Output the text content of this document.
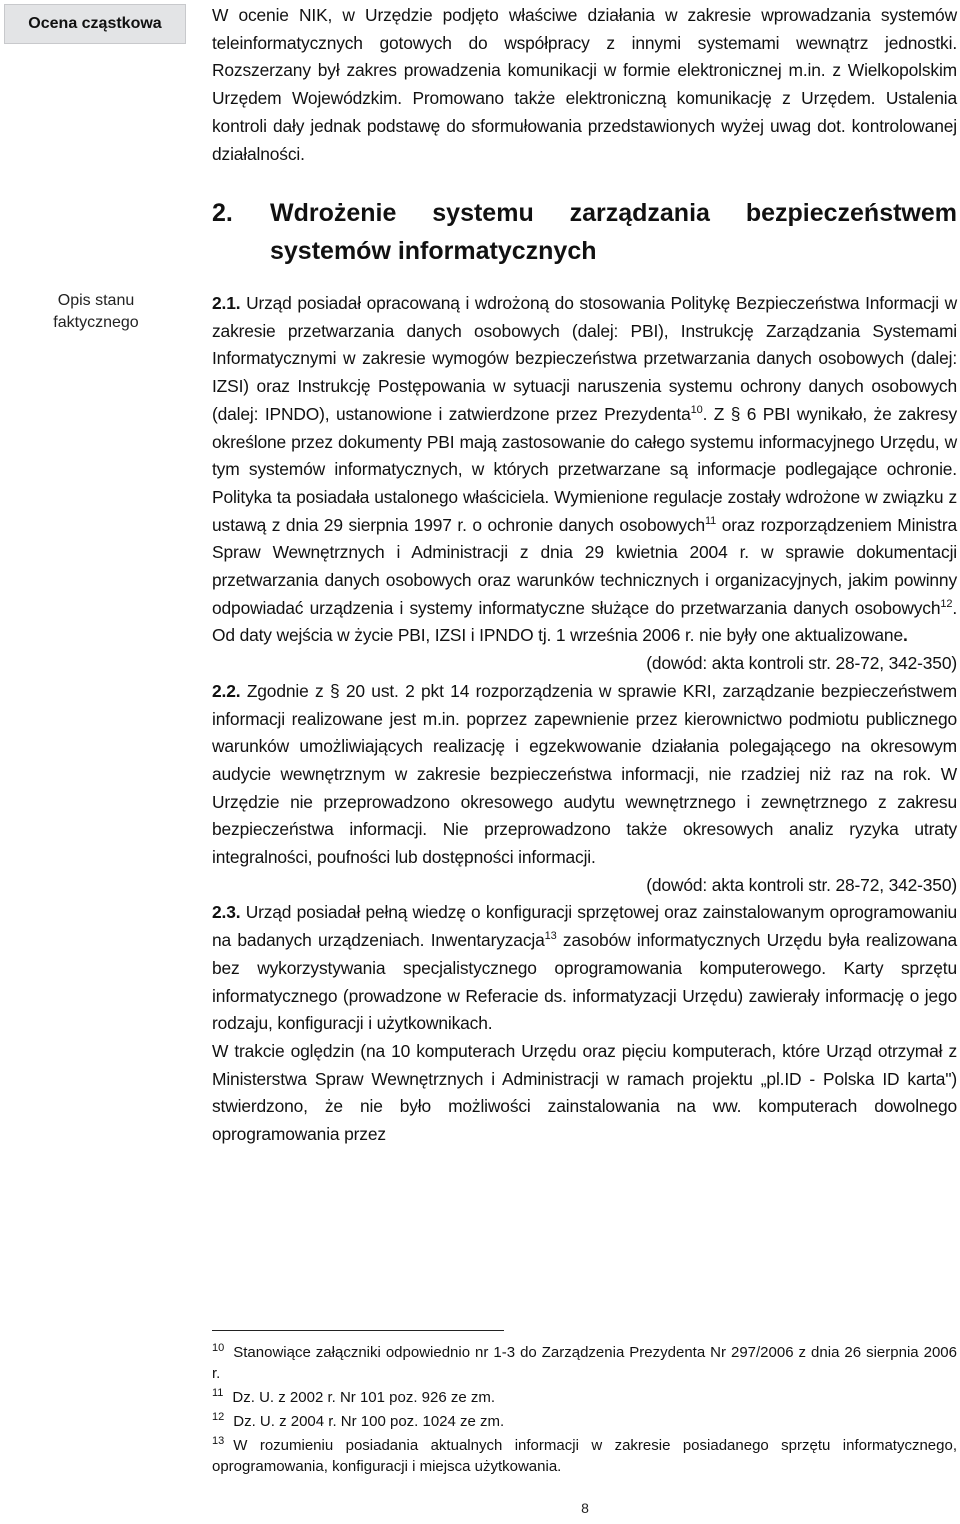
Ocena cząstkowa
Opis stanu
faktycznego

W ocenie NIK, w Urzędzie podjęto właściwe działania w zakresie wprowadzania systemów teleinformatycznych gotowych do współpracy z innymi systemami wewnątrz jednostki. Rozszerzany był zakres prowadzenia komunikacji w formie elektronicznej m.in. z Wielkopolskim Urzędem Wojewódzkim. Promowano także elektroniczną komunikację z Urzędem. Ustalenia kontroli dały jednak podstawę do sformułowania przedstawionych wyżej uwag dot. kontrolowanej działalności.

2.	Wdrożenie systemu zarządzania bezpieczeństwem systemów informatycznych

2.1. Urząd posiadał opracowaną i wdrożoną do stosowania Politykę Bezpieczeństwa Informacji w zakresie przetwarzania danych osobowych (dalej: PBI), Instrukcję Zarządzania Systemami Informatycznymi w zakresie wymogów bezpieczeństwa przetwarzania danych osobowych (dalej: IZSI) oraz Instrukcję Postępowania w sytuacji naruszenia systemu ochrony danych osobowych (dalej: IPNDO), ustanowione i zatwierdzone przez Prezydenta$^{10}$. Z § 6 PBI wynikało, że zakresy określone przez dokumenty PBI mają zastosowanie do całego systemu informacyjnego Urzędu, w tym systemów informatycznych, w których przetwarzane są informacje podlegające ochronie. Polityka ta posiadała ustalonego właściciela. Wymienione regulacje zostały wdrożone w związku z ustawą z dnia 29 sierpnia 1997 r. o ochronie danych osobowych$^{11}$ oraz rozporządzeniem Ministra Spraw Wewnętrznych i Administracji z dnia 29 kwietnia 2004 r. w sprawie dokumentacji przetwarzania danych osobowych oraz warunków technicznych i organizacyjnych, jakim powinny odpowiadać urządzenia i systemy informatyczne służące do przetwarzania danych osobowych$^{12}$. Od daty wejścia w życie PBI, IZSI i IPNDO tj. 1 września 2006 r. nie były one aktualizowane.

(dowód: akta kontroli str. 28-72, 342-350)

2.2. Zgodnie z § 20 ust. 2 pkt 14 rozporządzenia w sprawie KRI, zarządzanie bezpieczeństwem informacji realizowane jest m.in. poprzez zapewnienie przez kierownictwo podmiotu publicznego warunków umożliwiających realizację i egzekwowanie działania polegającego na okresowym audycie wewnętrznym w zakresie bezpieczeństwa informacji, nie rzadziej niż raz na rok. W Urzędzie nie przeprowadzono okresowego audytu wewnętrznego i zewnętrznego z zakresu bezpieczeństwa informacji. Nie przeprowadzono także okresowych analiz ryzyka utraty integralności, poufności lub dostępności informacji.

(dowód: akta kontroli str. 28-72, 342-350)

2.3. Urząd posiadał pełną wiedzę o konfiguracji sprzętowej oraz zainstalowanym oprogramowaniu na badanych urządzeniach. Inwentaryzacja$^{13}$ zasobów informatycznych Urzędu była realizowana bez wykorzystywania specjalistycznego oprogramowania komputerowego. Karty sprzętu informatycznego (prowadzone w Referacie ds. informatyzacji Urzędu) zawierały informację o jego rodzaju, konfiguracji i użytkownikach.

W trakcie oględzin (na 10 komputerach Urzędu oraz pięciu komputerach, które Urząd otrzymał z Ministerstwa Spraw Wewnętrznych i Administracji w ramach projektu „pl.ID - Polska ID karta") stwierdzono, że nie było możliwości zainstalowania na ww. komputerach dowolnego oprogramowania przez

$^{10}$ Stanowiące załączniki odpowiednio nr 1-3 do Zarządzenia Prezydenta Nr 297/2006 z dnia 26 sierpnia 2006 r.

$^{11}$ Dz. U. z 2002 r. Nr 101 poz. 926 ze zm.

$^{12}$ Dz. U. z 2004 r. Nr 100 poz. 1024 ze zm.

$^{13}$ W rozumieniu posiadania aktualnych informacji w zakresie posiadanego sprzętu informatycznego, oprogramowania, konfiguracji i miejsca użytkowania.

8
